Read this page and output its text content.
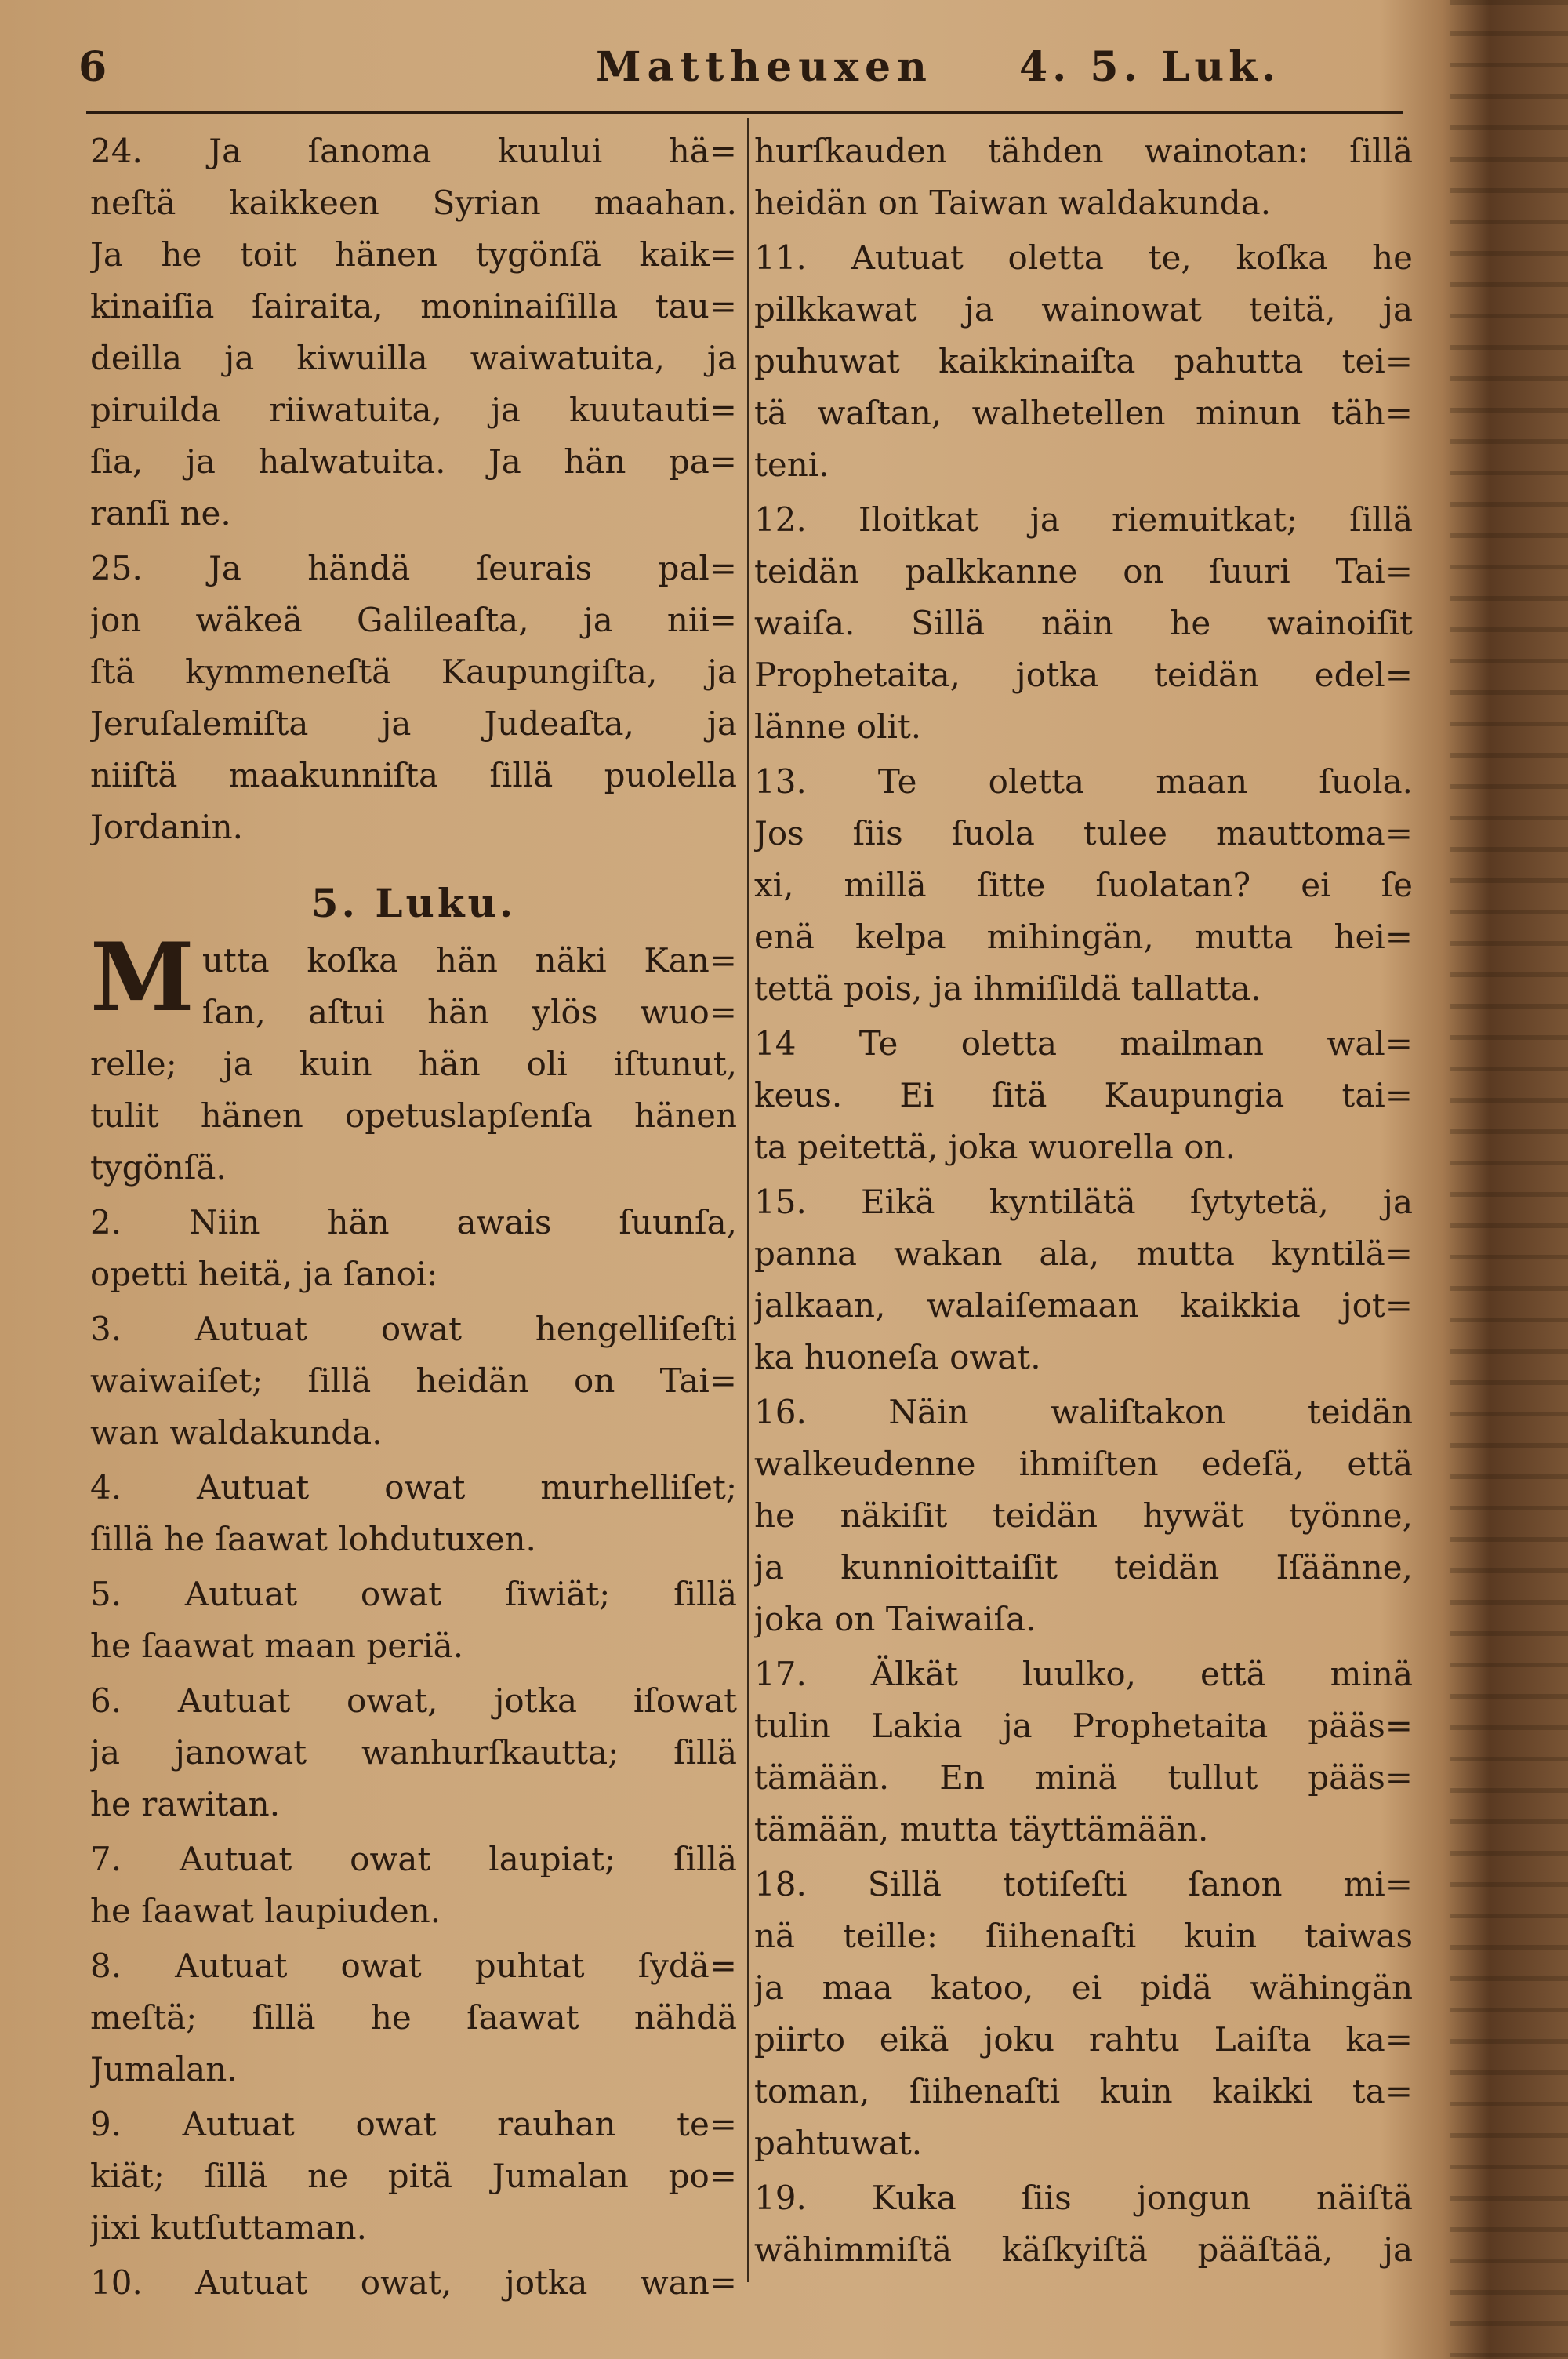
6	Matthеuxen 4. 5. Luk.
24. Ja ſanoma kuului hä=
neſtä kaikkeen Syrian maahan.
Ja he toit hänen tygönſä kaik=
kinaiſia ſairaita, moninaiſilla tau=
deilla ja kiwuilla waiwatuita, ja
piruilda riiwatuita, ja kuutauti=
ſia, ja halwatuita. Ja hän pa=
ranſi ne.
25. Ja händä ſeurais pal=
jon wäkeä Galileaſta, ja nii=
ſtä kymmeneſtä Kaupungiſta, ja
Jeruſalemiſta ja Judeaſta, ja
niiſtä maakunniſta ſillä puolella
Jordanin.
5. Luku.
M utta koſka hän näki Kan=
ſan, aſtui hän ylös wuo=
relle; ja kuin hän oli iſtunut,
tulit hänen opetuslapſenſa hänen
tygönſä.
2. Niin hän awais ſuunſa,
opetti heitä, ja ſanoi:
3. Autuat owat hengelliſeſti
waiwaiſet; ſillä heidän on Tai=
wan waldakunda.
4. Autuat owat murhelliſet;
ſillä he ſaawat lohdutuxen.
5. Autuat owat ſiwiät; ſillä
he ſaawat maan periä.
6. Autuat owat, jotka iſowat
ja janowat wanhurſkautta; ſillä
he rawitan.
7. Autuat owat laupiat; ſillä
he ſaawat laupiuden.
8. Autuat owat puhtat ſydä=
meſtä; ſillä he ſaawat nähdä
Jumalan.
9. Autuat owat rauhan te=
kiät; ſillä ne pitä Jumalan po=
jixi kutſuttaman.
10. Autuat owat, jotka wan=
hurſkauden tähden wainotan: ſillä
heidän on Taiwan waldakunda.
11. Autuat oletta te, koſka he
pilkkawat ja wainowat teitä, ja
puhuwat kaikkinaiſta pahutta tei=
tä waſtan, walhetellen minun täh=
teni.
12. Iloitkat ja riemuitkat; ſillä
teidän palkkanne on ſuuri Tai=
waiſa. Sillä näin he wainoiſit
Prophetaita, jotka teidän edel=
länne olit.
13. Te oletta maan ſuola.
Jos ſiis ſuola tulee mauttoma=
xi, millä ſitte ſuolatan? ei ſe
enä kelpa mihingän, mutta hei=
tettä pois, ja ihmiſildä tallatta.
14 Te oletta mailman wal=
keus. Ei ſitä Kaupungia tai=
ta peitettä, joka wuorella on.
15. Eikä kyntilätä ſytytetä, ja
panna wakan ala, mutta kyntilä=
jalkaan, walaiſemaan kaikkia jot=
ka huoneſa owat.
16. Näin waliſtakon teidän
walkeudenne ihmiſten edeſä, että
he näkiſit teidän hywät työnne,
ja kunnioittaiſit teidän Iſäänne,
joka on Taiwaiſa.
17. Älkät luulko, että minä
tulin Lakia ja Prophetaita pääs=
tämään. En minä tullut pääs=
tämään, mutta täyttämään.
18. Sillä totiſeſti ſanon mi=
nä teille: ſiihenaſti kuin taiwas
ja maa katoo, ei pidä wähingän
piirto eikä joku rahtu Laiſta ka=
toman, ſiihenaſti kuin kaikki ta=
pahtuwat.
19. Kuka ſiis jongun näiſtä
wähimmiſtä käſkyiſtä pääſtää, ja
